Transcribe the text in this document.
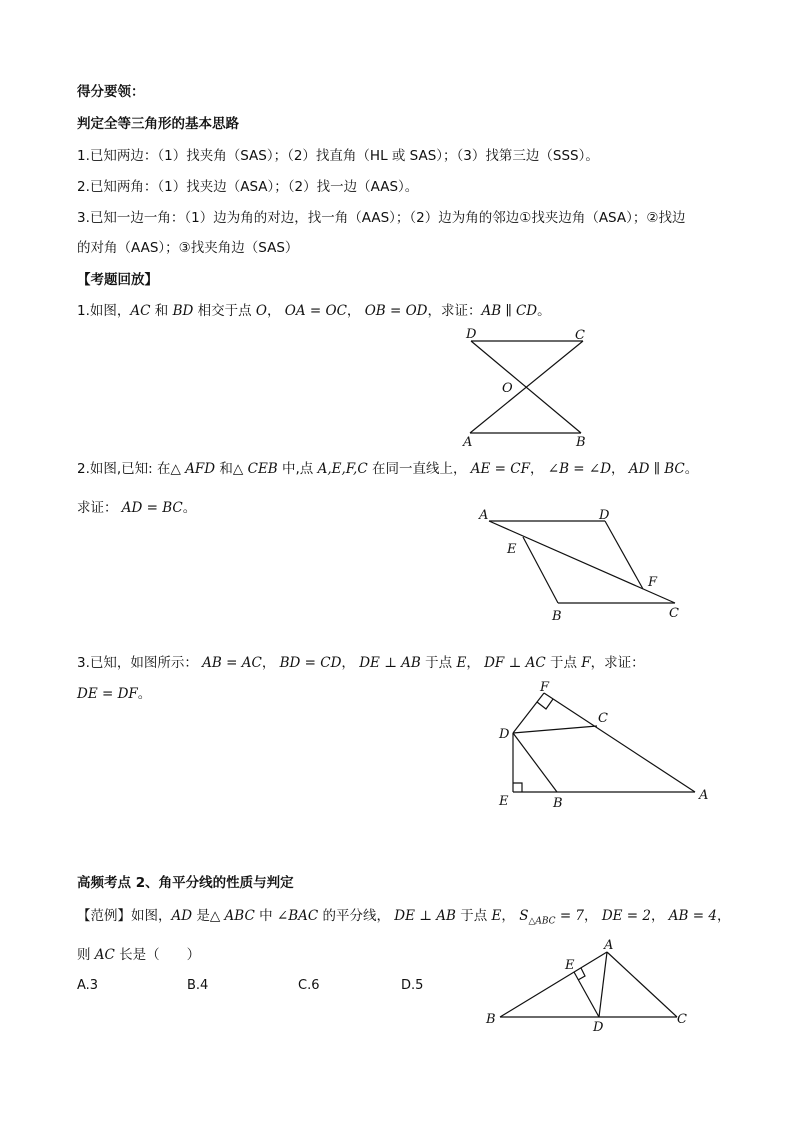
得分要领：
判定全等三角形的基本思路
1.已知两边：（1）找夹角（SAS）；（2）找直角（HL 或 SAS）；（3）找第三边（SSS）。
2.已知两角：（1）找夹边（ASA）；（2）找一边（AAS）。
3.已知一边一角：（1）边为角的对边，找一角（AAS）；（2）边为角的邻边①找夹边角（ASA）；②找边
的对角（AAS）；③找夹角边（SAS）
【考题回放】
1.如图，AC 和 BD 相交于点 O， OA = OC， OB = OD，求证：AB ∥ CD。
D	C
O
A	B
2.如图,已知: 在△ AFD 和△ CEB 中,点 A,E,F,C 在同一直线上， AE = CF， ∠B = ∠D， AD ∥ BC。
求证： AD = BC。	A	D
E
F
B	C
3.已知，如图所示： AB = AC， BD = CD， DE ⊥ AB 于点 E， DF ⊥ AC 于点 F，求证：
DE = DF。	F
C
D
E	B
A
高频考点 2、角平分线的性质与判定
【范例】如图，AD 是△ ABC 中 ∠BAC 的平分线， DE ⊥ AB 于点 E， $S_{\triangle ABC} = 7$， DE = 2， AB = 4，
则 AC 长是（　　）
A.3	B.4	C.6	D.5
A
E
B
D
C
